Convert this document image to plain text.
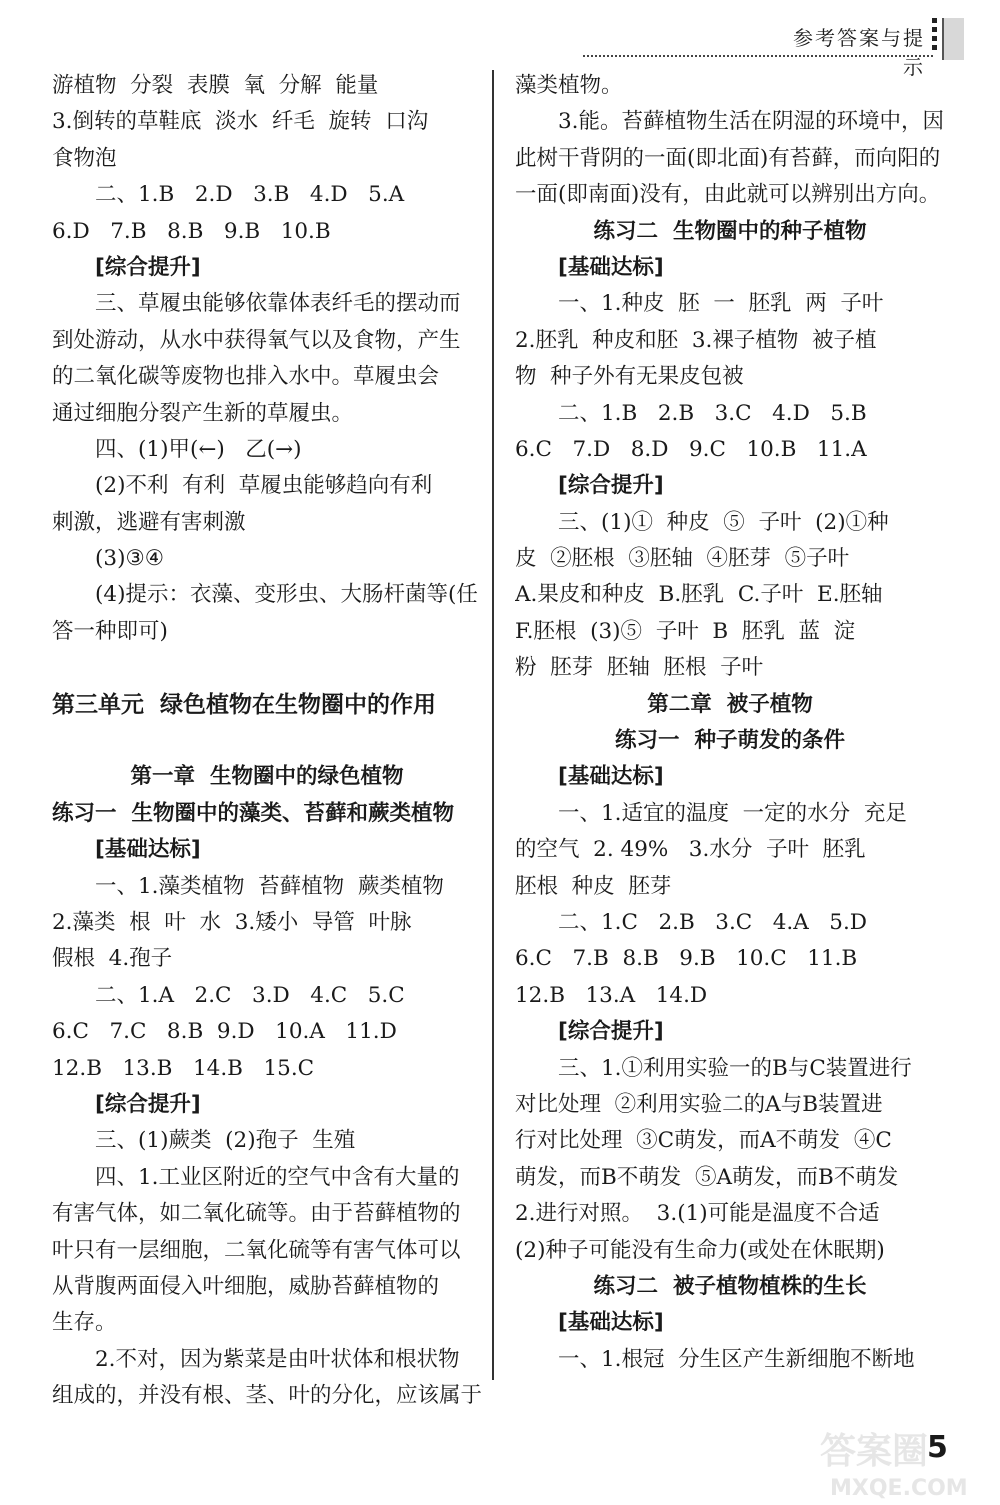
参考答案与提示
游植物  分裂  表膜  氧  分解  能量
3.倒转的草鞋底  淡水  纤毛  旋转  口沟
食物泡
二、1.B   2.D   3.B   4.D   5.A
6.D   7.B   8.B   9.B   10.B
[综合提升]
三、草履虫能够依靠体表纤毛的摆动而
到处游动，从水中获得氧气以及食物，产生
的二氧化碳等废物也排入水中。草履虫会
通过细胞分裂产生新的草履虫。
四、(1)甲(←)   乙(→)
(2)不利  有利  草履虫能够趋向有利
刺激，逃避有害刺激
(3)③④
(4)提示：衣藻、变形虫、大肠杆菌等(任
答一种即可)
第三单元  绿色植物在生物圈中的作用
第一章  生物圈中的绿色植物
练习一  生物圈中的藻类、苔藓和蕨类植物
[基础达标]
一、1.藻类植物  苔藓植物  蕨类植物
2.藻类  根  叶  水  3.矮小  导管  叶脉
假根  4.孢子
二、1.A   2.C   3.D   4.C   5.C
6.C   7.C   8.B  9.D   10.A   11.D
12.B   13.B   14.B   15.C
[综合提升]
三、(1)蕨类  (2)孢子  生殖
四、1.工业区附近的空气中含有大量的
有害气体，如二氧化硫等。由于苔藓植物的
叶只有一层细胞，二氧化硫等有害气体可以
从背腹两面侵入叶细胞，威胁苔藓植物的
生存。
2.不对，因为紫菜是由叶状体和根状物
组成的，并没有根、茎、叶的分化，应该属于
藻类植物。
3.能。苔藓植物生活在阴湿的环境中，因
此树干背阴的一面(即北面)有苔藓，而向阳的
一面(即南面)没有，由此就可以辨别出方向。
练习二  生物圈中的种子植物
[基础达标]
一、1.种皮  胚  一  胚乳  两  子叶
2.胚乳  种皮和胚  3.裸子植物  被子植
物  种子外有无果皮包被
二、1.B   2.B   3.C   4.D   5.B
6.C   7.D   8.D   9.C   10.B   11.A
[综合提升]
三、(1)①  种皮  ⑤  子叶  (2)①种
皮  ②胚根  ③胚轴  ④胚芽  ⑤子叶
A.果皮和种皮  B.胚乳  C.子叶  E.胚轴
F.胚根  (3)⑤  子叶  B  胚乳  蓝  淀
粉  胚芽  胚轴  胚根  子叶
第二章  被子植物
练习一  种子萌发的条件
[基础达标]
一、1.适宜的温度  一定的水分  充足
的空气  2. 49%   3.水分  子叶  胚乳
胚根  种皮  胚芽
二、1.C   2.B   3.C   4.A   5.D
6.C   7.B  8.B   9.B   10.C   11.B
12.B   13.A   14.D
[综合提升]
三、1.①利用实验一的B与C装置进行
对比处理  ②利用实验二的A与B装置进
行对比处理  ③C萌发，而A不萌发  ④C
萌发，而B不萌发  ⑤A萌发，而B不萌发
2.进行对照。  3.(1)可能是温度不合适
(2)种子可能没有生命力(或处在休眠期)
练习二  被子植物植株的生长
[基础达标]
一、1.根冠  分生区产生新细胞不断地
答案圈
MXQE.COM
5
